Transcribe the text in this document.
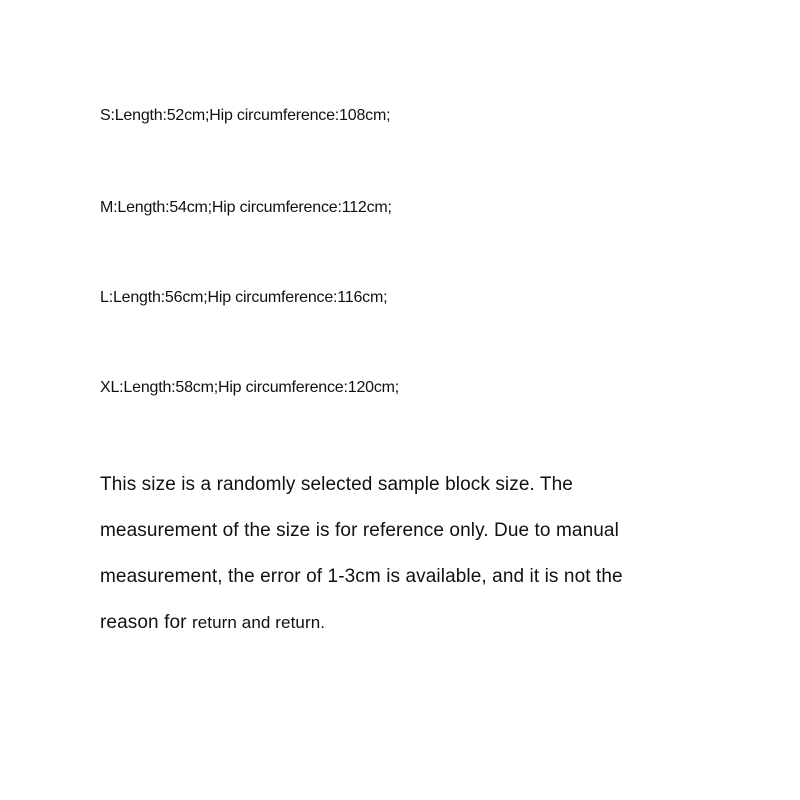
S:Length:52cm;Hip circumference:108cm;
M:Length:54cm;Hip circumference:112cm;
L:Length:56cm;Hip circumference:116cm;
XL:Length:58cm;Hip circumference:120cm;
This size is a randomly selected sample block size. The
measurement of the size is for reference only. Due to manual
measurement, the error of 1-3cm is available, and it is not the
reason for return and return.
